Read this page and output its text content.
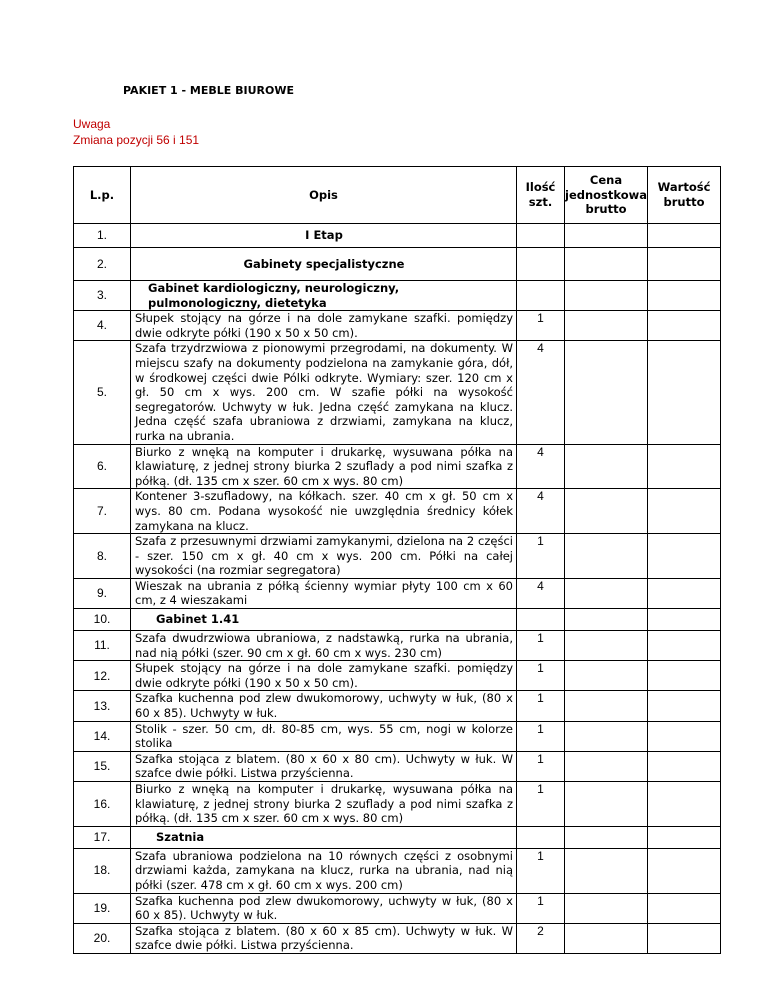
PAKIET 1 - MEBLE BIUROWE
Uwaga
Zmiana pozycji 56 i 151
L.p.	Opis	Ilość szt.	Cena jednostkowa brutto	Wartość brutto
1.	I Etap			
2.	Gabinety specjalistyczne			
3.	Gabinet kardiologiczny, neurologiczny, pulmonologiczny, dietetyka			
4.	Słupek stojący na górze i na dole zamykane szafki. pomiędzy dwie odkryte półki (190 x 50 x 50 cm).	1		
5.	Szafa trzydrzwiowa z pionowymi przegrodami, na dokumenty. W miejscu szafy na dokumenty podzielona na zamykanie góra, dół, w środkowej części dwie Pólki odkryte. Wymiary: szer. 120 cm x gł. 50 cm x wys. 200 cm. W szafie półki na wysokość segregatorów. Uchwyty w łuk. Jedna część zamykana na klucz. Jedna część szafa ubraniowa z drzwiami, zamykana na klucz, rurka na ubrania.	4		
6.	Biurko z wnęką na komputer i drukarkę, wysuwana półka na klawiaturę, z jednej strony biurka 2 szuflady a pod nimi szafka z półką. (dł. 135 cm x szer. 60 cm x wys. 80 cm)	4		
7.	Kontener 3-szufladowy, na kółkach. szer. 40 cm x gł. 50 cm x wys. 80 cm. Podana wysokość nie uwzględnia średnicy kółek zamykana na klucz.	4		
8.	Szafa z przesuwnymi drzwiami zamykanymi, dzielona na 2 części - szer. 150 cm x gł. 40 cm x wys. 200 cm. Półki na całej wysokości (na rozmiar segregatora)	1		
9.	Wieszak na ubrania z półką ścienny wymiar płyty 100 cm x 60 cm, z 4 wieszakami	4		
10.	Gabinet 1.41			
11.	Szafa dwudrzwiowa ubraniowa, z nadstawką, rurka na ubrania, nad nią półki (szer. 90 cm x gł. 60 cm x wys. 230 cm)	1		
12.	Słupek stojący na górze i na dole zamykane szafki. pomiędzy dwie odkryte półki (190 x 50 x 50 cm).	1		
13.	Szafka kuchenna pod zlew dwukomorowy, uchwyty w łuk, (80 x 60 x 85). Uchwyty w łuk.	1		
14.	Stolik - szer. 50 cm, dł. 80-85 cm, wys. 55 cm, nogi w kolorze stolika	1		
15.	Szafka stojąca z blatem. (80 x 60 x 80 cm). Uchwyty w łuk. W szafce dwie półki. Listwa przyścienna.	1		
16.	Biurko z wnęką na komputer i drukarkę, wysuwana półka na klawiaturę, z jednej strony biurka 2 szuflady a pod nimi szafka z półką. (dł. 135 cm x szer. 60 cm x wys. 80 cm)	1		
17.	Szatnia			
18.	Szafa ubraniowa podzielona na 10 równych części z osobnymi drzwiami każda, zamykana na klucz, rurka na ubrania, nad nią półki (szer. 478 cm x gł. 60 cm x wys. 200 cm)	1		
19.	Szafka kuchenna pod zlew dwukomorowy, uchwyty w łuk, (80 x 60 x 85). Uchwyty w łuk.	1		
20.	Szafka stojąca z blatem. (80 x 60 x 85 cm). Uchwyty w łuk. W szafce dwie półki. Listwa przyścienna.	2		
